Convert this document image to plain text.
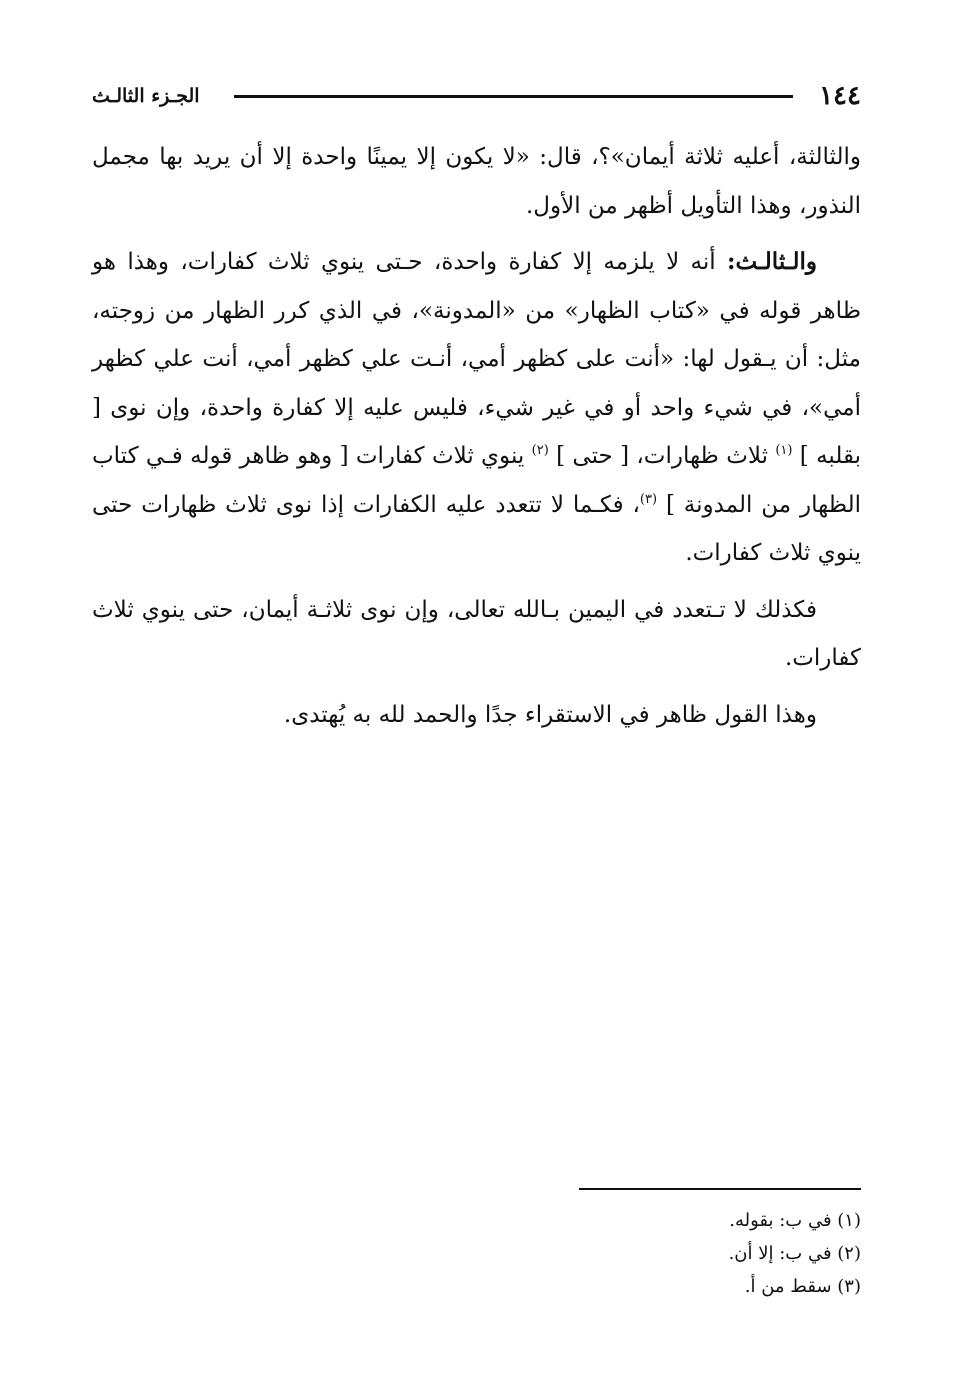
١٤٤
الجـزء الثالـث

والثالثة، أعليه ثلاثة أيمان»؟، قال: «لا يكون إلا يمينًا واحدة إلا أن يريد بها مجمل النذور، وهذا التأويل أظهر من الأول.

والـثالـث: أنه لا يلزمه إلا كفارة واحدة، حـتى ينوي ثلاث كفارات، وهذا هو ظاهر قوله في «كتاب الظهار» من «المدونة»، في الذي كرر الظهار من زوجته، مثل: أن يـقول لها: «أنت على كظهر أمي، أنـت علي كظهر أمي، أنت علي كظهر أمي»، في شيء واحد أو في غير شيء، فليس عليه إلا كفارة واحدة، وإن نوى [ بقلبه ] $^{(١)}$ ثلاث ظهارات، [ حتى ] $^{(٢)}$ ينوي ثلاث كفارات [ وهو ظاهر قوله فـي كتاب الظهار من المدونة ] $^{(٣)}$، فكـما لا تتعدد عليه الكفارات إذا نوى ثلاث ظهارات حتى ينوي ثلاث كفارات.

فكذلك لا تـتعدد في اليمين بـالله تعالى، وإن نوى ثلاثـة أيمان، حتى ينوي ثلاث كفارات.

وهذا القول ظاهر في الاستقراء جدًا والحمد لله به يُهتدى.

(١) في ب: بقوله.
(٢) في ب: إلا أن.
(٣) سقط من أ.
